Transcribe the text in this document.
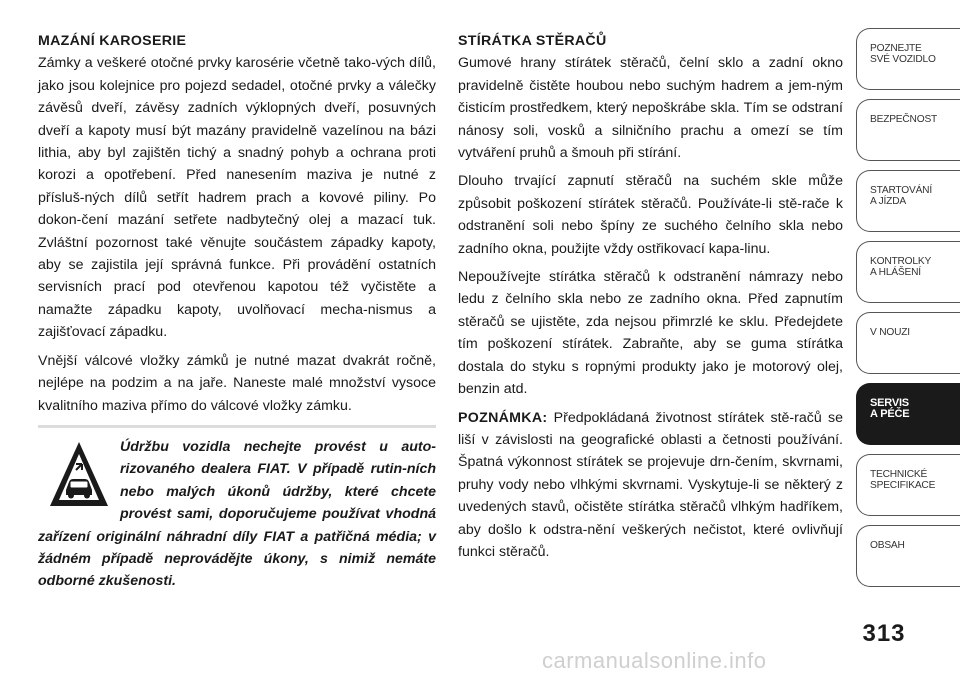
MAZÁNÍ KAROSERIE

Zámky a veškeré otočné prvky karosérie včetně tako-vých dílů, jako jsou kolejnice pro pojezd sedadel, otočné prvky a válečky závěsů dveří, závěsy zadních výklopných dveří, posuvných dveří a kapoty musí být mazány pravidelně vazelínou na bázi lithia, aby byl zajištěn tichý a snadný pohyb a ochrana proti korozi a opotřebení. Před nanesením maziva je nutné z přísluš-ných dílů setřít hadrem prach a kovové piliny. Po dokon-čení mazání setřete nadbytečný olej a mazací tuk. Zvláštní pozornost také věnujte součástem západky kapoty, aby se zajistila její správná funkce. Při provádění ostatních servisních prací pod otevřenou kapotou též vyčistěte a namažte západku kapoty, uvolňovací mecha-nismus a zajišťovací západku.

Vnější válcové vložky zámků je nutné mazat dvakrát ročně, nejlépe na podzim a na jaře. Naneste malé množství vysoce kvalitního maziva přímo do válcové vložky zámku.

Údržbu vozidla nechejte provést u auto-rizovaného dealera FIAT. V případě rutin-ních nebo malých úkonů údržby, které chcete provést sami, doporučujeme používat vhodná zařízení originální náhradní díly FIAT a patřičná média; v žádném případě neprovádějte úkony, s nimiž nemáte odborné zkušenosti.

STÍRÁTKA STĚRAČŮ

Gumové hrany stírátek stěračů, čelní sklo a zadní okno pravidelně čistěte houbou nebo suchým hadrem a jem-ným čisticím prostředkem, který nepoškrábe skla. Tím se odstraní nánosy soli, vosků a silničního prachu a omezí se tím vytváření pruhů a šmouh při stírání.

Dlouho trvající zapnutí stěračů na suchém skle může způsobit poškození stírátek stěračů. Používáte-li stě-rače k odstranění soli nebo špíny ze suchého čelního skla nebo zadního okna, použijte vždy ostřikovací kapa-linu.

Nepoužívejte stírátka stěračů k odstranění námrazy nebo ledu z čelního skla nebo ze zadního okna. Před zapnutím stěračů se ujistěte, zda nejsou přimrzlé ke sklu. Předejdete tím poškození stírátek. Zabraňte, aby se guma stírátka dostala do styku s ropnými produkty jako je motorový olej, benzin atd.

POZNÁMKA: Předpokládaná životnost stírátek stě-račů se liší v závislosti na geografické oblasti a četnosti používání. Špatná výkonnost stírátek se projevuje drn-čením, skvrnami, pruhy vody nebo vlhkými skvrnami. Vyskytuje-li se některý z uvedených stavů, očistěte stírátka stěračů vlhkým hadříkem, aby došlo k odstra-nění veškerých nečistot, které ovlivňují funkci stěračů.

POZNEJTE
SVÉ VOZIDLO
BEZPEČNOST
STARTOVÁNÍ
A JÍZDA
KONTROLKY
A HLÁŠENÍ
V NOUZI
SERVIS
A PÉČE
TECHNICKÉ
SPECIFIKACE
OBSAH
313
carmanualsonline.info
